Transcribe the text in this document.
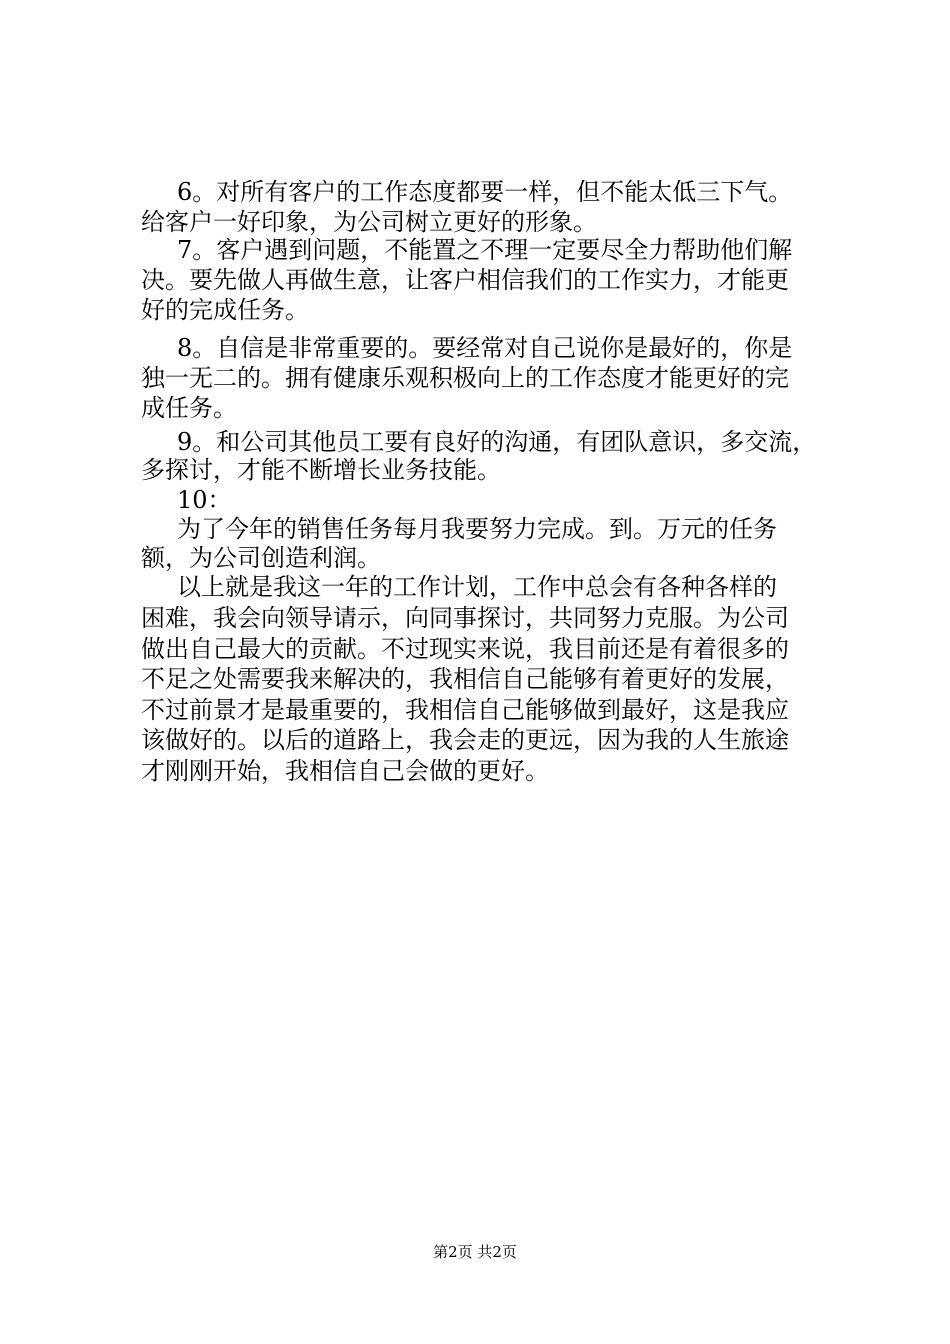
6。对所有客户的工作态度都要一样，但不能太低三下气。
给客户一好印象，为公司树立更好的形象。
7。客户遇到问题，不能置之不理一定要尽全力帮助他们解
决。要先做人再做生意，让客户相信我们的工作实力，才能更
好的完成任务。
8。自信是非常重要的。要经常对自己说你是最好的，你是
独一无二的。拥有健康乐观积极向上的工作态度才能更好的完
成任务。
9。和公司其他员工要有良好的沟通，有团队意识，多交流，
多探讨，才能不断增长业务技能。
10：
为了今年的销售任务每月我要努力完成。到。万元的任务
额，为公司创造利润。
以上就是我这一年的工作计划，工作中总会有各种各样的
困难，我会向领导请示，向同事探讨，共同努力克服。为公司
做出自己最大的贡献。不过现实来说，我目前还是有着很多的
不足之处需要我来解决的，我相信自己能够有着更好的发展，
不过前景才是最重要的，我相信自己能够做到最好，这是我应
该做好的。以后的道路上，我会走的更远，因为我的人生旅途
才刚刚开始，我相信自己会做的更好。
第2页 共2页
